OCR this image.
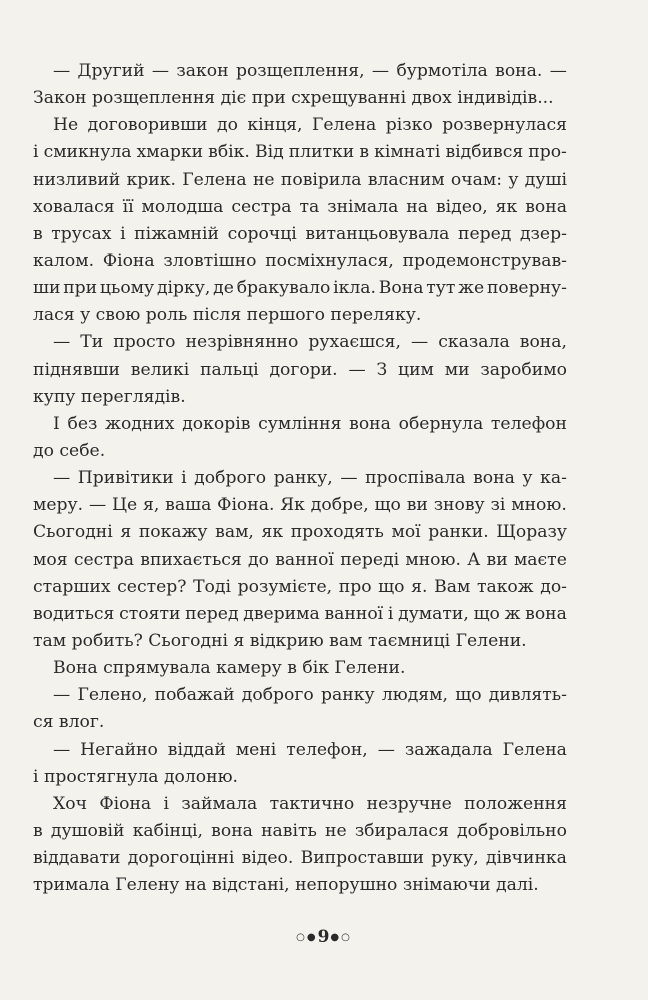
— Другий — закон розщеплення, — бурмотіла вона. —
Закон розщеплення діє при схрещуванні двох індивідів...
Не договоривши до кінця, Гелена різко розвернулася
і смикнула хмарки вбік. Від плитки в кімнаті відбився про-
низливий крик. Гелена не повірила власним очам: у душі
ховалася її молодша сестра та знімала на відео, як вона
в трусах і піжамній сорочці витанцьовувала перед дзер-
калом. Фіона зловтішно посміхнулася, продемонстрував-
ши при цьому дірку, де бракувало ікла. Вона тут же поверну-
лася у свою роль після першого переляку.
— Ти просто незрівнянно рухаєшся, — сказала вона,
піднявши великі пальці догори. — З цим ми заробимо
купу переглядів.
І без жодних докорів сумління вона обернула телефон
до себе.
— Привітики і доброго ранку, — проспівала вона у ка-
меру. — Це я, ваша Фіона. Як добре, що ви знову зі мною.
Сьогодні я покажу вам, як проходять мої ранки. Щоразу
моя сестра впихається до ванної переді мною. А ви маєте
старших сестер? Тоді розумієте, про що я. Вам також до-
водиться стояти перед дверима ванної і думати, що ж вона
там робить? Сьогодні я відкрию вам таємниці Гелени.
Вона спрямувала камеру в бік Гелени.
— Гелено, побажай доброго ранку людям, що дивлять-
ся влог.
— Негайно віддай мені телефон, — зажадала Гелена
і простягнула долоню.
Хоч Фіона і займала тактично незручне положення
в душовій кабінці, вона навіть не збиралася добровільно
віддавати дорогоцінні відео. Випроставши руку, дівчинка
тримала Гелену на відстані, непорушно знімаючи далі.
○●9●○
